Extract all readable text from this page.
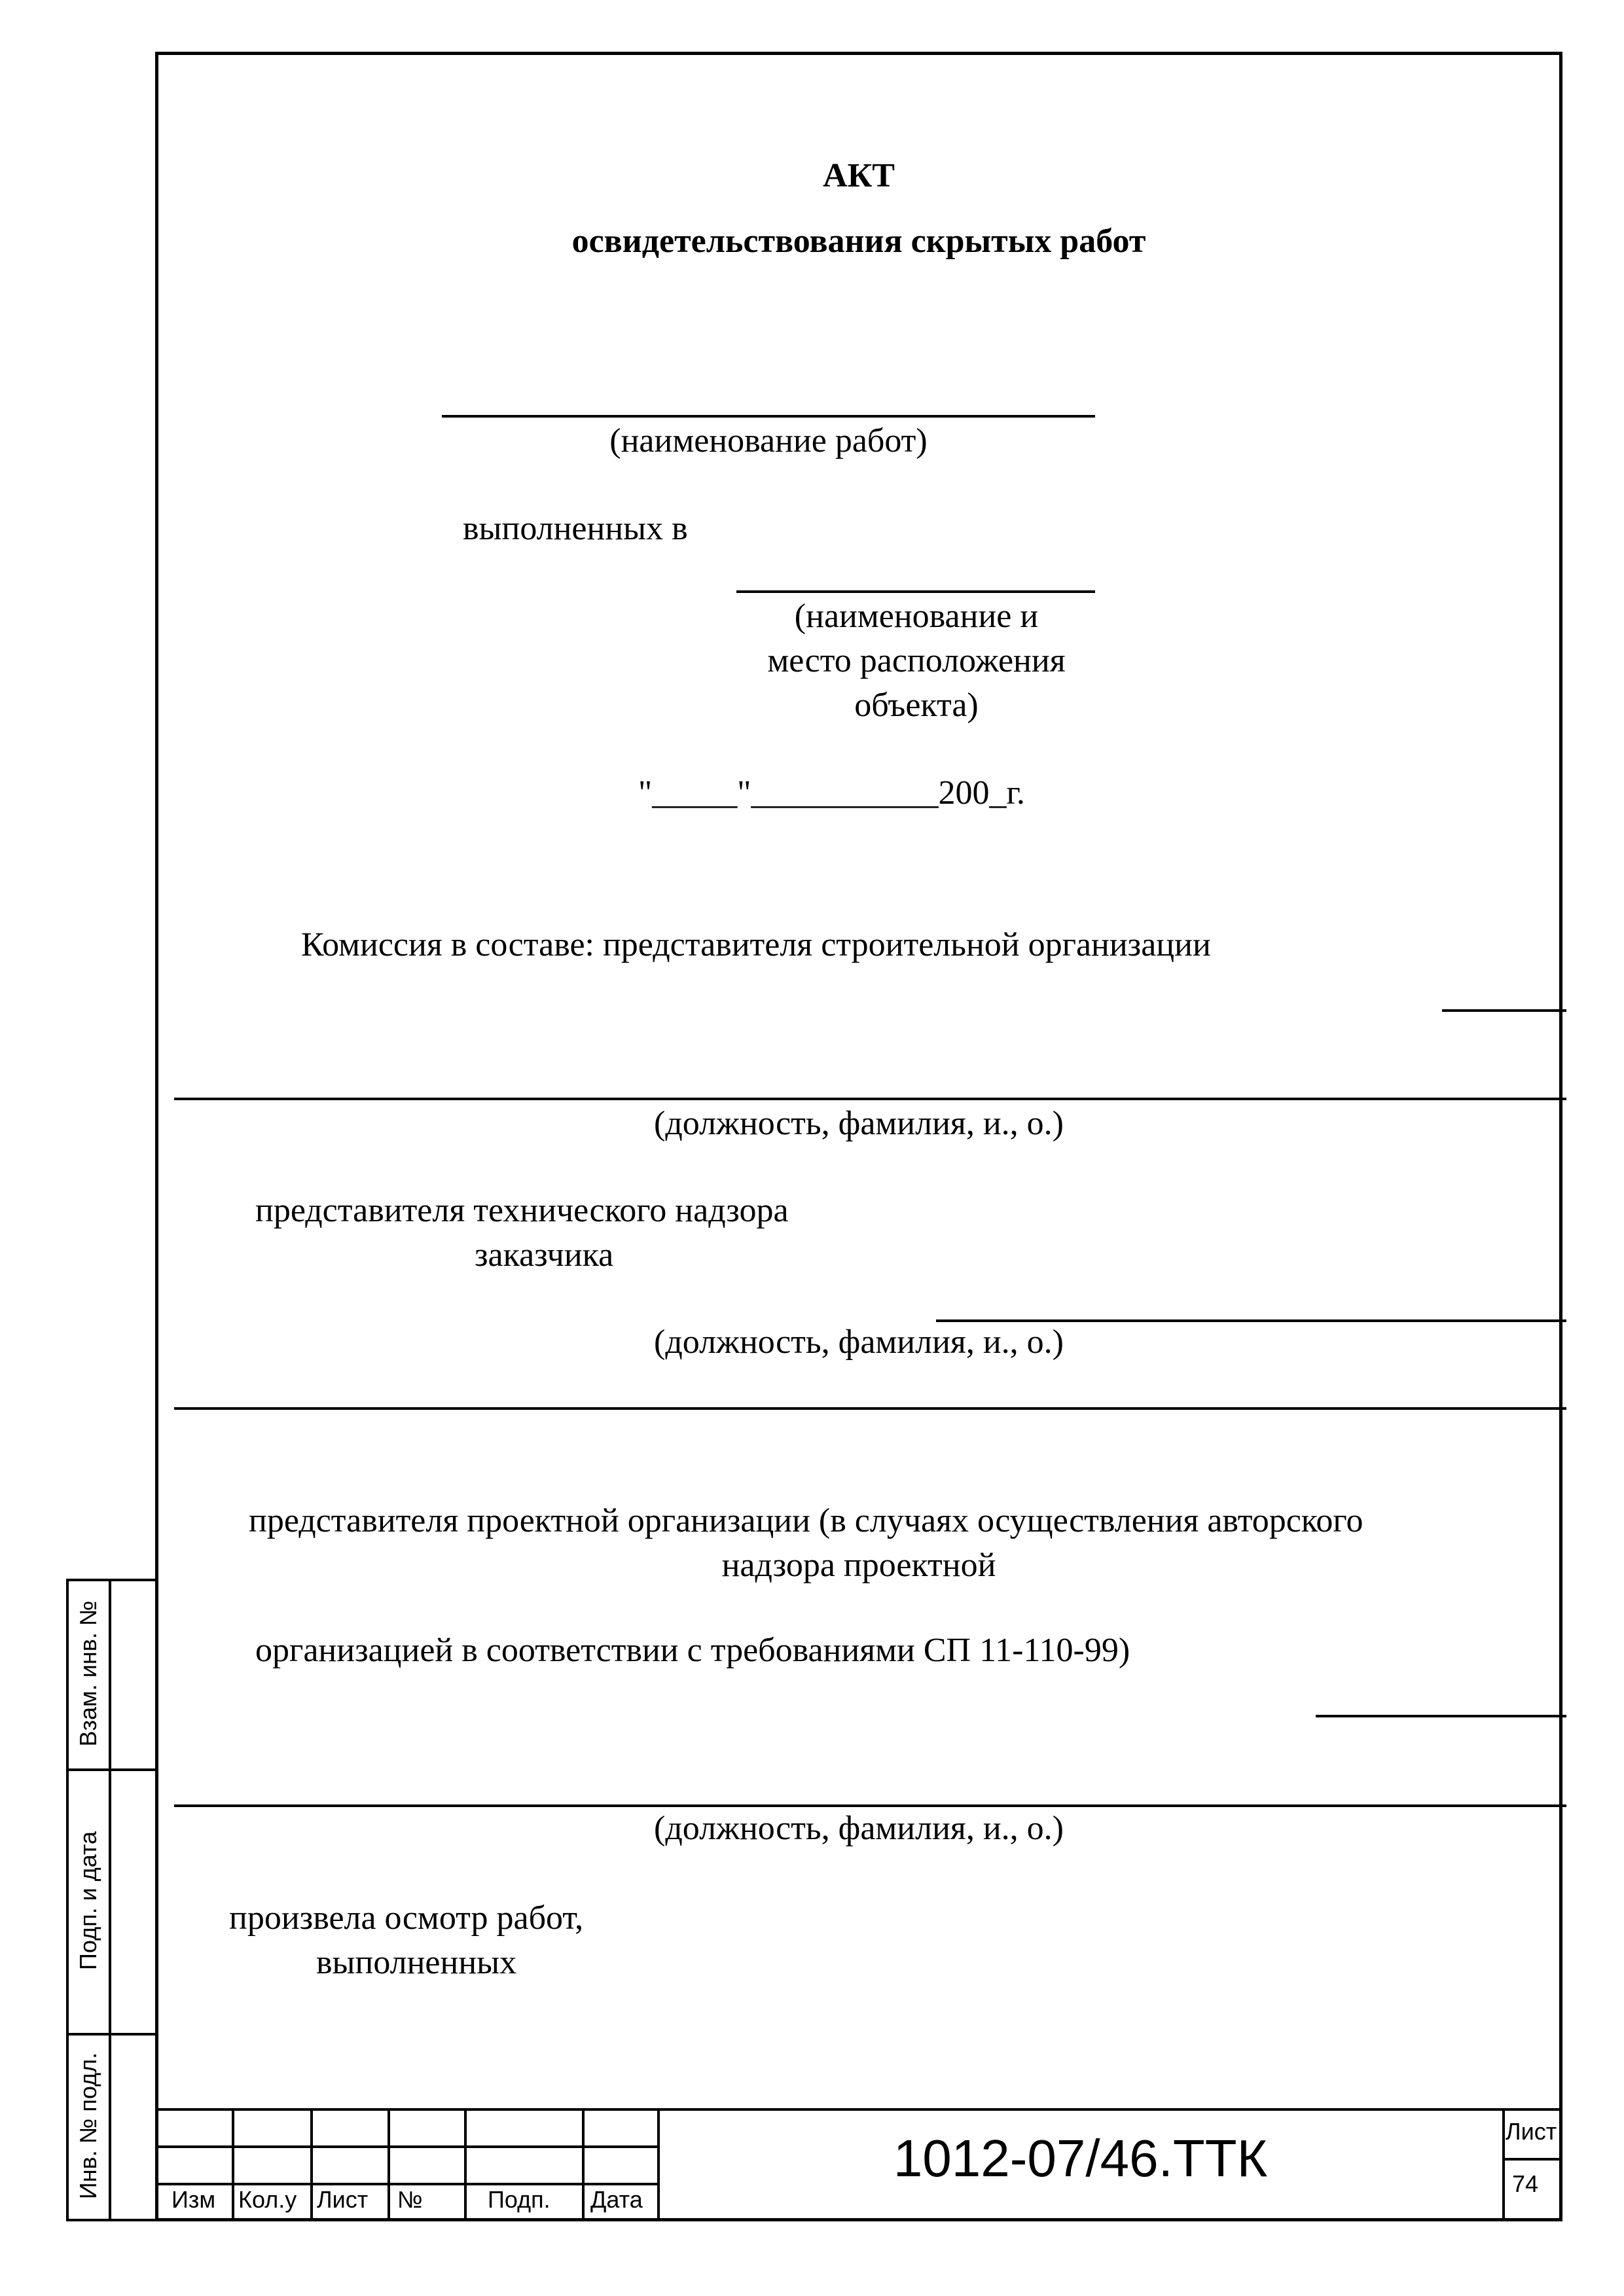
АКТ
освидетельствования скрытых работ
(наименование работ)
выполненных в
(наименование и
место расположения
объекта)
"_____"___________200_г.
Комиссия в составе: представителя строительной организации
(должность, фамилия, и., о.)
представителя технического надзора
заказчика
(должность, фамилия, и., о.)
представителя проектной организации (в случаях осуществления авторского
надзора проектной
организацией в соответствии с требованиями СП 11-110-99)
(должность, фамилия, и., о.)
произвела осмотр работ,
выполненных
Взам. инв. №
Подп. и дата
Инв. № подл.
Изм Кол.у Лист №	Подп. Дата
1012-07/46.ТТК	Лист
74
